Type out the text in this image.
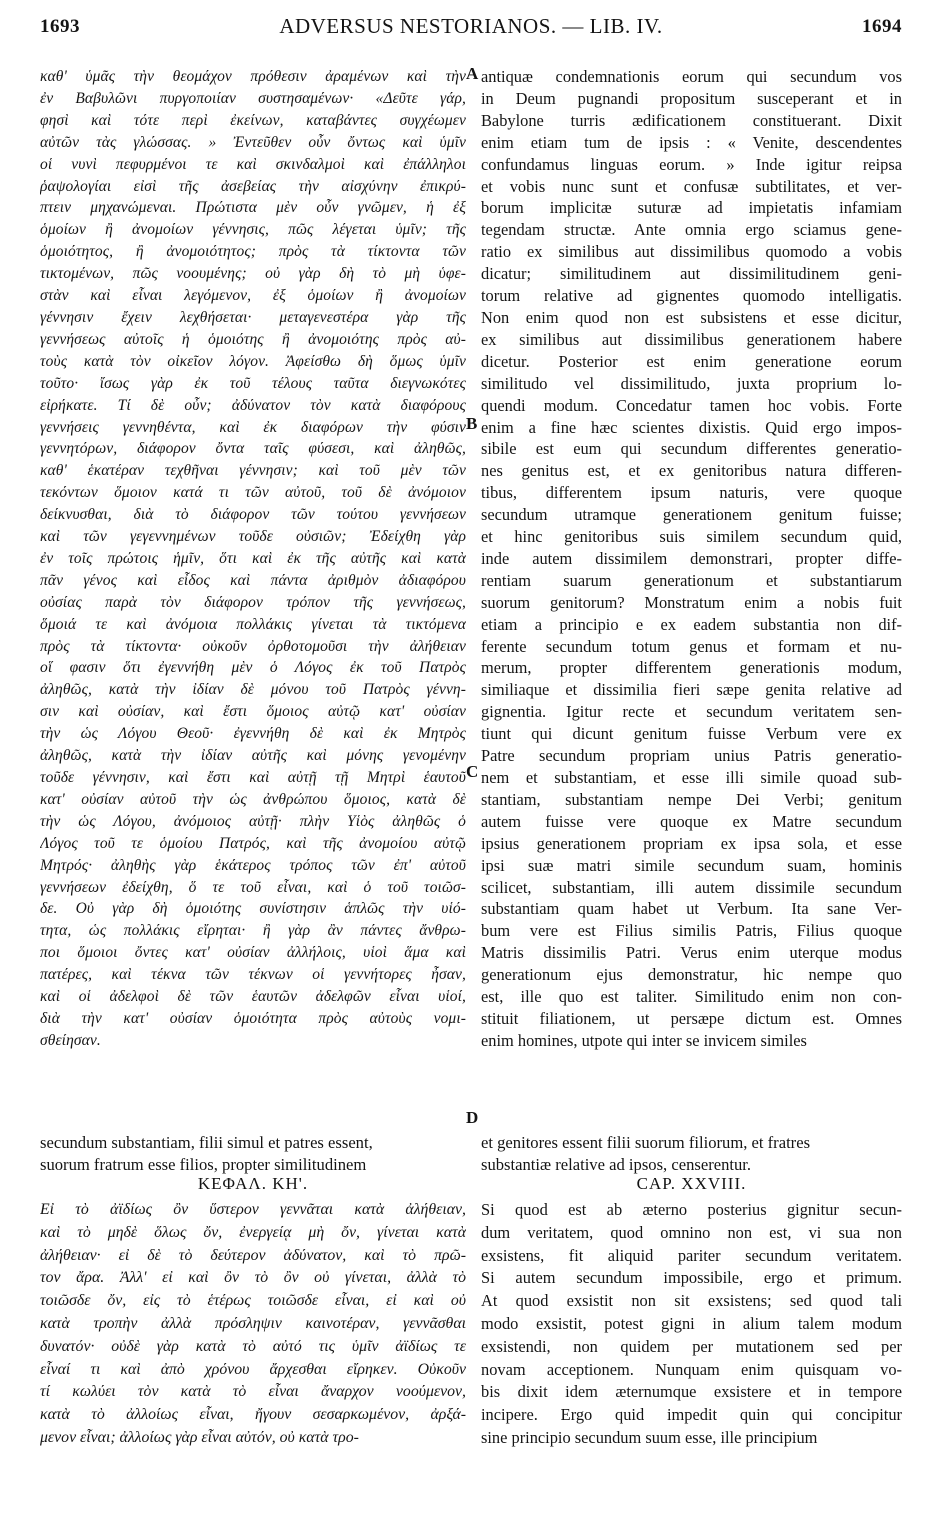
1693	ADVERSUS NESTORIANOS. — LIB. IV.	1694
A
B
C
D
καθ' ὑμᾶς τὴν θεομάχον πρόθεσιν ἀραμένων καὶ τὴν
ἐν Βαβυλῶνι πυργοποιίαν συστησαμένων· «Δεῦτε γάρ,
φησὶ καὶ τότε περὶ ἐκείνων, καταβάντες συγχέωμεν
αὐτῶν τὰς γλώσσας. » Ἐντεῦθεν οὖν ὄντως καὶ ὑμῖν
οἱ νυνὶ πεφυρμένοι τε καὶ σκινδαλμοὶ καὶ ἐπάλληλοι
ῥαψολογίαι εἰσὶ τῆς ἀσεβείας τὴν αἰσχύνην ἐπικρύ-
πτειν μηχανώμεναι. Πρώτιστα μὲν οὖν γνῶμεν, ἡ ἐξ
ὁμοίων ἢ ἀνομοίων γέννησις, πῶς λέγεται ὑμῖν; τῆς
ὁμοιότητος, ἢ ἀνομοιότητος; πρὸς τὰ τίκτοντα τῶν
τικτομένων, πῶς νοουμένης; οὐ γὰρ δὴ τὸ μὴ ὑφε-
στὰν καὶ εἶναι λεγόμενον, ἐξ ὁμοίων ἢ ἀνομοίων
γέννησιν ἔχειν λεχθήσεται· μεταγενεστέρα γὰρ τῆς
γεννήσεως αὐτοῖς ἡ ὁμοιότης ἢ ἀνομοιότης πρὸς αὐ-
τοὺς κατὰ τὸν οἰκεῖον λόγον. Ἀφείσθω δὴ ὅμως ὑμῖν
τοῦτο· ἴσως γὰρ ἐκ τοῦ τέλους ταῦτα διεγνωκότες
εἰρήκατε. Τί δὲ οὖν; ἀδύνατον τὸν κατὰ διαφόρους
γεννήσεις γεννηθέντα, καὶ ἐκ διαφόρων τὴν φύσιν
γεννητόρων, διάφορον ὄντα ταῖς φύσεσι, καὶ ἀληθῶς,
καθ' ἑκατέραν τεχθῆναι γέννησιν; καὶ τοῦ μὲν τῶν
τεκόντων ὅμοιον κατά τι τῶν αὐτοῦ, τοῦ δὲ ἀνόμοιον
δείκνυσθαι, διὰ τὸ διάφορον τῶν τούτου γεννήσεων
καὶ τῶν γεγεννημένων τοῦδε οὐσιῶν; Ἐδείχθη γὰρ
ἐν τοῖς πρώτοις ἡμῖν, ὅτι καὶ ἐκ τῆς αὐτῆς καὶ κατὰ
πᾶν γένος καὶ εἶδος καὶ πάντα ἀριθμὸν ἀδιαφόρου
οὐσίας παρὰ τὸν διάφορον τρόπον τῆς γεννήσεως,
ὅμοιά τε καὶ ἀνόμοια πολλάκις γίνεται τὰ τικτόμενα
πρὸς τὰ τίκτοντα· οὐκοῦν ὀρθοτομοῦσι τὴν ἀλήθειαν
οἵ φασιν ὅτι ἐγεννήθη μὲν ὁ Λόγος ἐκ τοῦ Πατρὸς
ἀληθῶς, κατὰ τὴν ἰδίαν δὲ μόνου τοῦ Πατρὸς γέννη-
σιν καὶ οὐσίαν, καὶ ἔστι ὅμοιος αὐτῷ κατ' οὐσίαν
τὴν ὡς Λόγου Θεοῦ· ἐγεννήθη δὲ καὶ ἐκ Μητρὸς
ἀληθῶς, κατὰ τὴν ἰδίαν αὐτῆς καὶ μόνης γενομένην
τοῦδε γέννησιν, καὶ ἔστι καὶ αὐτῇ τῇ Μητρὶ ἑαυτοῦ
κατ' οὐσίαν αὐτοῦ τὴν ὡς ἀνθρώπου ὅμοιος, κατὰ δὲ
τὴν ὡς Λόγου, ἀνόμοιος αὐτῇ· πλὴν Υἱὸς ἀληθῶς ὁ
Λόγος τοῦ τε ὁμοίου Πατρός, καὶ τῆς ἀνομοίου αὐτῷ
Μητρός· ἀληθὴς γὰρ ἑκάτερος τρόπος τῶν ἐπ' αὐτοῦ
γεννήσεων ἐδείχθη, ὅ τε τοῦ εἶναι, καὶ ὁ τοῦ τοιῶσ-
δε. Οὐ γὰρ δὴ ὁμοιότης συνίστησιν ἁπλῶς τὴν υἱό-
τητα, ὡς πολλάκις εἴρηται· ἢ γὰρ ἂν πάντες ἄνθρω-
ποι ὅμοιοι ὄντες κατ' οὐσίαν ἀλλήλοις, υἱοὶ ἅμα καὶ
πατέρες, καὶ τέκνα τῶν τέκνων οἱ γεννήτορες ἦσαν,
καὶ οἱ ἀδελφοὶ δὲ τῶν ἑαυτῶν ἀδελφῶν εἶναι υἱοί,
διὰ τὴν κατ' οὐσίαν ὁμοιότητα πρὸς αὐτοὺς νομι-
σθείησαν.
antiquæ condemnationis eorum qui secundum vos
in Deum pugnandi propositum susceperant et in
Babylone turris ædificationem constituerant. Dixit
enim etiam tum de ipsis : « Venite, descendentes
confundamus linguas eorum. » Inde igitur reipsa
et vobis nunc sunt et confusæ subtilitates, et ver-
borum implicitæ suturæ ad impietatis infamiam
tegendam structæ. Ante omnia ergo sciamus gene-
ratio ex similibus aut dissimilibus quomodo a vobis
dicatur; similitudinem aut dissimilitudinem geni-
torum relative ad gignentes quomodo intelligatis.
Non enim quod non est subsistens et esse dicitur,
ex similibus aut dissimilibus generationem habere
dicetur. Posterior est enim generatione eorum
similitudo vel dissimilitudo, juxta proprium lo-
quendi modum. Concedatur tamen hoc vobis. Forte
enim a fine hæc scientes dixistis. Quid ergo impos-
sibile est eum qui secundum differentes generatio-
nes genitus est, et ex genitoribus natura differen-
tibus, differentem ipsum naturis, vere quoque
secundum utramque generationem genitum fuisse;
et hinc genitoribus suis similem secundum quid,
inde autem dissimilem demonstrari, propter diffe-
rentiam suarum generationum et substantiarum
suorum genitorum? Monstratum enim a nobis fuit
etiam a principio e ex eadem substantia non dif-
ferente secundum totum genus et formam et nu-
merum, propter differentem generationis modum,
similiaque et dissimilia fieri sæpe genita relative ad
gignentia. Igitur recte et secundum veritatem sen-
tiunt qui dicunt genitum fuisse Verbum vere ex
Patre secundum propriam unius Patris generatio-
nem et substantiam, et esse illi simile quoad sub-
stantiam, substantiam nempe Dei Verbi; genitum
autem fuisse vere quoque ex Matre secundum
ipsius generationem propriam ex ipsa sola, et esse
ipsi suæ matri simile secundum suam, hominis
scilicet, substantiam, illi autem dissimile secundum
substantiam quam habet ut Verbum. Ita sane Ver-
bum vere est Filius similis Patris, Filius quoque
Matris dissimilis Patri. Verus enim uterque modus
generationum ejus demonstratur, hic nempe quo
est, ille quo est taliter. Similitudo enim non con-
stituit filiationem, ut persæpe dictum est. Omnes
enim homines, utpote qui inter se invicem similes
secundum substantiam, filii simul et patres essent,
suorum fratrum esse filios, propter similitudinem
et genitores essent filii suorum filiorum, et fratres
substantiæ relative ad ipsos, censerentur.
ΚΕΦΑΛ. ΚΗ'.	CAP. XXVIII.
Εἰ τὸ ἀϊδίως ὂν ὕστερον γεννᾶται κατὰ ἀλήθειαν,
καὶ τὸ μηδὲ ὅλως ὄν, ἐνεργείᾳ μὴ ὄν, γίνεται κατὰ
ἀλήθειαν· εἰ δὲ τὸ δεύτερον ἀδύνατον, καὶ τὸ πρῶ-
τον ἄρα. Ἀλλ' εἰ καὶ ὂν τὸ ὂν οὐ γίνεται, ἀλλὰ τὸ
τοιῶσδε ὄν, εἰς τὸ ἑτέρως τοιῶσδε εἶναι, εἰ καὶ οὐ
κατὰ τροπὴν ἀλλὰ πρόσληψιν καινοτέραν, γεννᾶσθαι
δυνατόν· οὐδὲ γὰρ κατὰ τὸ αὐτό τις ὑμῖν ἀϊδίως τε
εἶναί τι καὶ ἀπὸ χρόνου ἄρχεσθαι εἴρηκεν. Οὐκοῦν
τί κωλύει τὸν κατὰ τὸ εἶναι ἄναρχον νοούμενον,
κατὰ τὸ ἀλλοίως εἶναι, ἤγουν σεσαρκωμένον, ἀρξά-
μενον εἶναι; ἀλλοίως γὰρ εἶναι αὐτόν, οὐ κατὰ τρο-
Si quod est ab æterno posterius gignitur secun-
dum veritatem, quod omnino non est, vi sua non
exsistens, fit aliquid pariter secundum veritatem.
Si autem secundum impossibile, ergo et primum.
At quod exsistit non sit exsistens; sed quod tali
modo exsistit, potest gigni in alium talem modum
exsistendi, non quidem per mutationem sed per
novam acceptionem. Nunquam enim quisquam vo-
bis dixit idem æternumque exsistere et in tempore
incipere. Ergo quid impedit quin qui concipitur
sine principio secundum suum esse, ille principium
